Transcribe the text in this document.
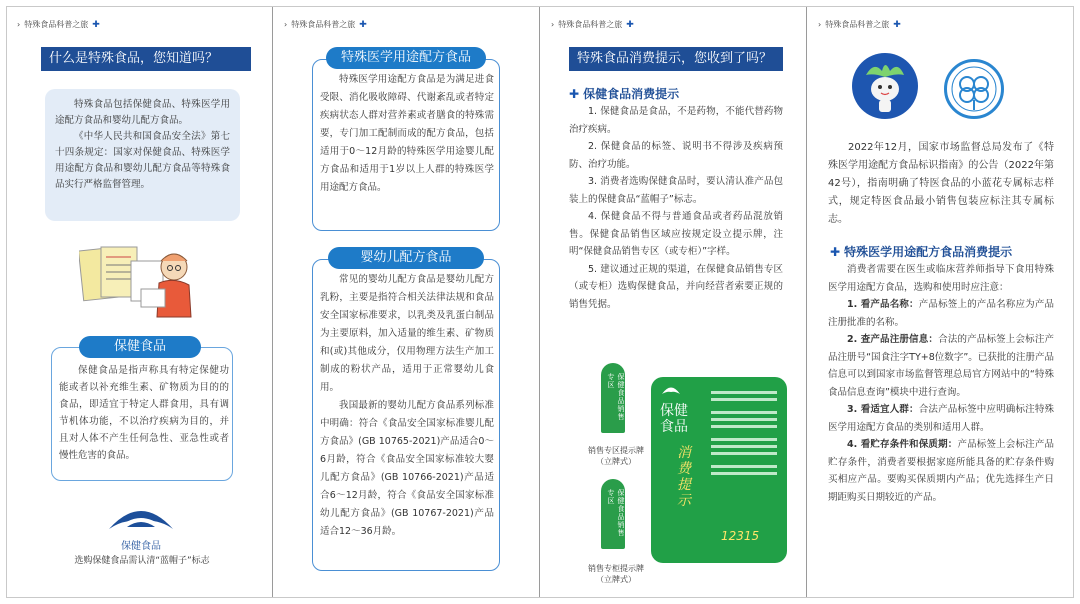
› 特殊食品科普之旅 ✚
什么是特殊食品，您知道吗？

特殊食品包括保健食品、特殊医学用途配方食品和婴幼儿配方食品。

《中华人民共和国食品安全法》第七十四条规定：国家对保健食品、特殊医学用途配方食品和婴幼儿配方食品等特殊食品实行严格监督管理。

保健食品

保健食品是指声称具有特定保健功能或者以补充维生素、矿物质为目的的食品，即适宜于特定人群食用，具有调节机体功能，不以治疗疾病为目的，并且对人体不产生任何急性、亚急性或者慢性危害的食品。

保健食品
选购保健食品需认清“蓝帽子”标志
› 特殊食品科普之旅 ✚
特殊医学用途配方食品

特殊医学用途配方食品是为满足进食受限、消化吸收障碍、代谢紊乱或者特定疾病状态人群对营养素或者膳食的特殊需要，专门加工配制而成的配方食品，包括适用于0～12月龄的特殊医学用途婴儿配方食品和适用于1岁以上人群的特殊医学用途配方食品。

婴幼儿配方食品

常见的婴幼儿配方食品是婴幼儿配方乳粉，主要是指符合相关法律法规和食品安全国家标准要求，以乳类及乳蛋白制品为主要原料，加入适量的维生素、矿物质和(或)其他成分，仅用物理方法生产加工制成的粉状产品，适用于正常婴幼儿食用。

我国最新的婴幼儿配方食品系列标准中明确：符合《食品安全国家标准婴儿配方食品》(GB 10765-2021)产品适合0～6月龄，符合《食品安全国家标准较大婴儿配方食品》(GB 10766-2021)产品适合6～12月龄，符合《食品安全国家标准幼儿配方食品》(GB 10767-2021)产品适合12～36月龄。

› 特殊食品科普之旅 ✚
特殊食品消费提示，您收到了吗？
✚ 保健食品消费提示

1. 保健食品是食品，不是药物，不能代替药物治疗疾病。

2. 保健食品的标签、说明书不得涉及疾病预防、治疗功能。

3. 消费者选购保健食品时，要认清认准产品包装上的保健食品“蓝帽子”标志。

4. 保健食品不得与普通食品或者药品混放销售。保健食品销售区域应按规定设立提示牌，注明“保健食品销售专区（或专柜）”字样。

5. 建议通过正规的渠道，在保健食品销售专区（或专柜）选购保健食品，并向经营者索要正规的销售凭据。

保健食品销售专区
销售专区提示牌
（立牌式）
保健食品销售专区
销售专柜提示牌
（立牌式）
保健
食品
消费
提示
12315
› 特殊食品科普之旅 ✚

2022年12月，国家市场监督总局发布了《特殊医学用途配方食品标识指南》的公告（2022年第42号），指南明确了特医食品的小蓝花专属标志样式，规定特医食品最小销售包装应标注其专属标志。

✚ 特殊医学用途配方食品消费提示

消费者需要在医生或临床营养师指导下食用特殊医学用途配方食品，选购和使用时应注意：

1. 看产品名称：产品标签上的产品名称应为产品注册批准的名称。

2. 查产品注册信息：合法的产品标签上会标注产品注册号“国食注字TY+8位数字”。已获批的注册产品信息可以到国家市场监督管理总局官方网站中的“特殊食品信息查询”模块中进行查询。

3. 看适宜人群：合法产品标签中应明确标注特殊医学用途配方食品的类别和适用人群。

4. 看贮存条件和保质期：产品标签上会标注产品贮存条件，消费者要根据家庭所能具备的贮存条件购买相应产品。要购买保质期内产品；优先选择生产日期距购买日期较近的产品。
